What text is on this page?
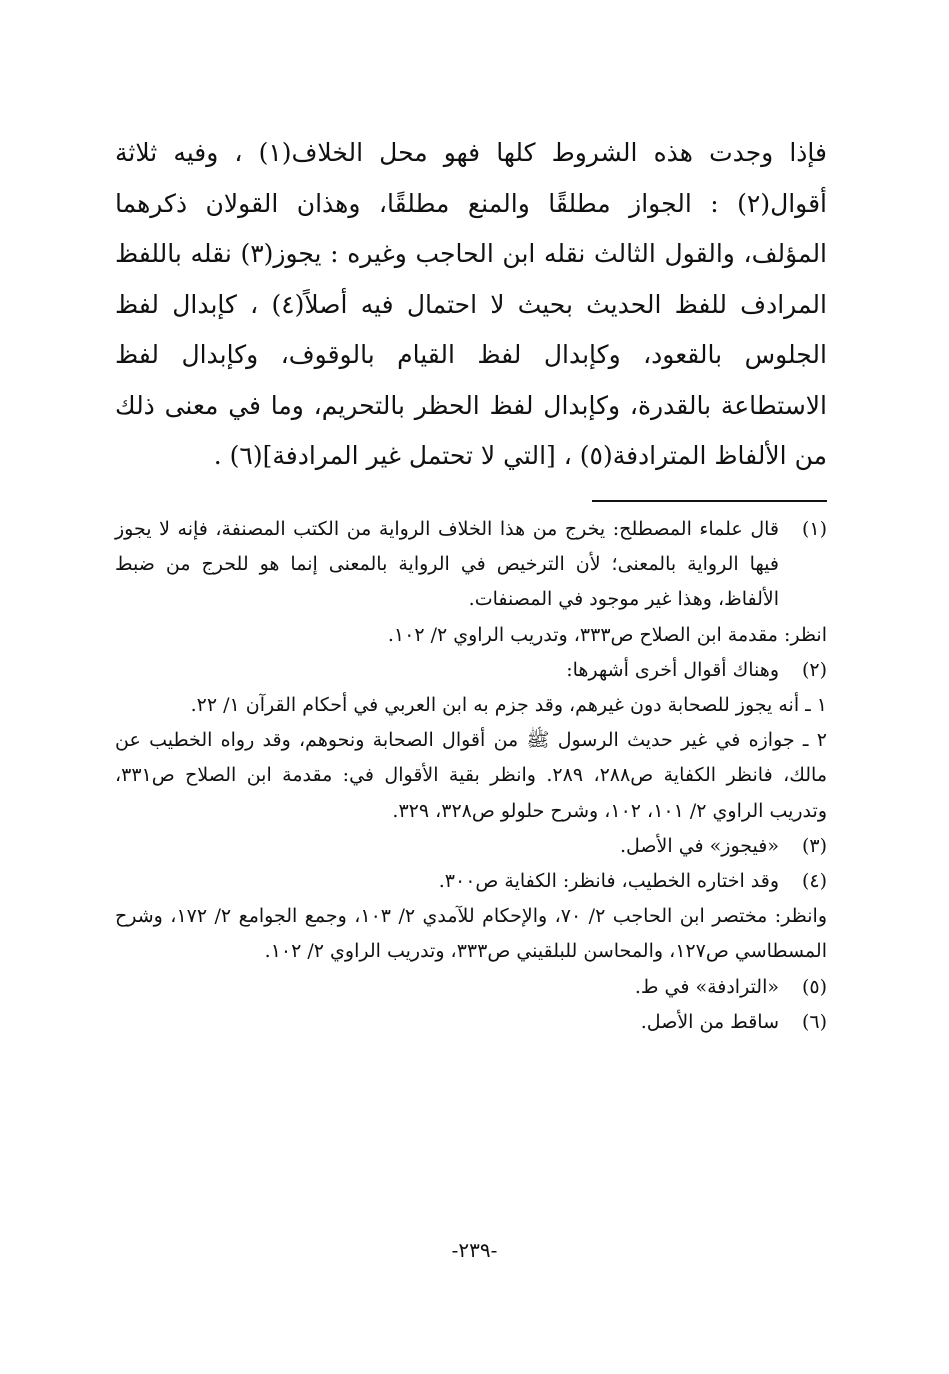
فإذا وجدت هذه الشروط كلها فهو محل الخلاف(١) ، وفيه ثلاثة أقوال(٢) : الجواز مطلقًا والمنع مطلقًا، وهذان القولان ذكرهما المؤلف، والقول الثالث نقله ابن الحاجب وغيره : يجوز(٣) نقله باللفظ المرادف للفظ الحديث بحيث لا احتمال فيه أصلاً(٤) ، كإبدال لفظ الجلوس بالقعود، وكإبدال لفظ القيام بالوقوف، وكإبدال لفظ الاستطاعة بالقدرة، وكإبدال لفظ الحظر بالتحريم، وما في معنى ذلك من الألفاظ المترادفة(٥) ، [التي لا تحتمل غير المرادفة](٦) .

(١)
قال علماء المصطلح: يخرج من هذا الخلاف الرواية من الكتب المصنفة، فإنه لا يجوز فيها الرواية بالمعنى؛ لأن الترخيص في الرواية بالمعنى إنما هو للحرج من ضبط الألفاظ، وهذا غير موجود في المصنفات.
انظر: مقدمة ابن الصلاح ص٣٣٣، وتدريب الراوي ٢/ ١٠٢.
(٢)
وهناك أقوال أخرى أشهرها:
١ ـ أنه يجوز للصحابة دون غيرهم، وقد جزم به ابن العربي في أحكام القرآن ١/ ٢٢.
٢ ـ جوازه في غير حديث الرسول ﷺ من أقوال الصحابة ونحوهم، وقد رواه الخطيب عن مالك، فانظر الكفاية ص٢٨٨، ٢٨٩. وانظر بقية الأقوال في: مقدمة ابن الصلاح ص٣٣١، وتدريب الراوي ٢/ ١٠١، ١٠٢، وشرح حلولو ص٣٢٨، ٣٢٩.
(٣)
«فيجوز» في الأصل.
(٤)
وقد اختاره الخطيب، فانظر: الكفاية ص٣٠٠.
وانظر: مختصر ابن الحاجب ٢/ ٧٠، والإحكام للآمدي ٢/ ١٠٣، وجمع الجوامع ٢/ ١٧٢، وشرح المسطاسي ص١٢٧، والمحاسن للبلقيني ص٣٣٣، وتدريب الراوي ٢/ ١٠٢.
(٥)
«الترادفة» في ط.
(٦)
ساقط من الأصل.
-٢٣٩-
